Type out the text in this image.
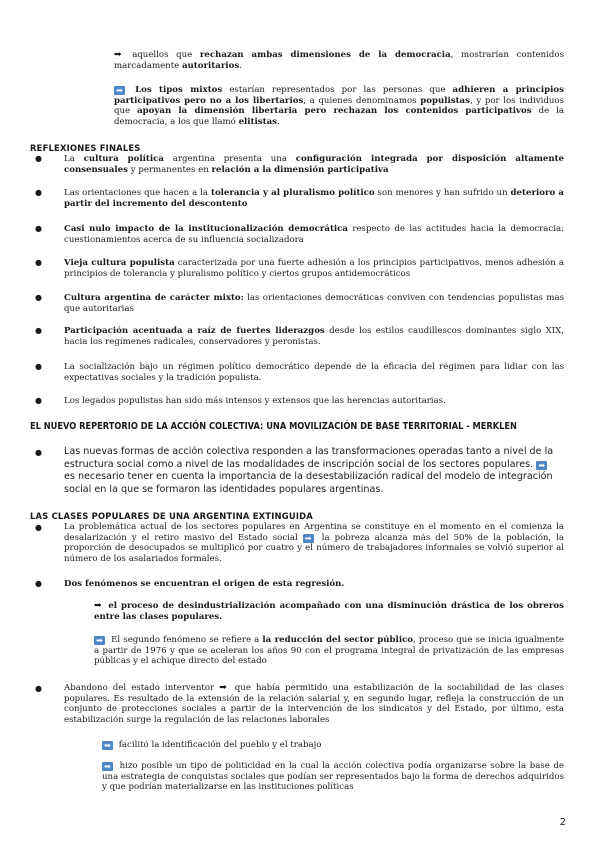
➡ aquellos que rechazan ambas dimensiones de la democracia, mostrarían contenidos marcadamente autoritarios.
➡ Los tipos mixtos estarían representados por las personas que adhieren a principios participativos pero no a los libertarios, a quienes denominamos populistas, y por los individuos que apoyan la dimensión libertaria pero rechazan los contenidos participativos de la democracia, a los que llamó elitistas.
REFLEXIONES FINALES
●	La cultura política argentina presenta una configuración integrada por disposición altamente consensuales y permanentes en relación a la dimensión participativa
●	Las orientaciones que hacen a la tolerancia y al pluralismo político son menores y han sufrido un deterioro a partir del incremento del descontento
●	Casi nulo impacto de la institucionalización democrática respecto de las actitudes hacia la democracia: cuestionamientos acerca de su influencia socializadora
●	Vieja cultura populista caracterizada por una fuerte adhesión a los principios participativos, menos adhesión a principios de tolerancia y pluralismo político y ciertos grupos antidemocráticos
●	Cultura argentina de carácter mixto: las orientaciones democráticas conviven con tendencias populistas mas que autoritarias
●	Participación acentuada a raíz de fuertes liderazgos desde los estilos caudillescos dominantes siglo XIX, hacia los regímenes radicales, conservadores y peronistas.
●	La socialización bajo un régimen político democrático depende de la eficacia del régimen para lidiar con las expectativas sociales y la tradición populista.
●	Los legados populistas han sido más intensos y extensos que las herencias autoritarias.
EL NUEVO REPERTORIO DE LA ACCIÓN COLECTIVA: UNA MOVILIZACIÓN DE BASE TERRITORIAL - MERKLEN
● Las nuevas formas de acción colectiva responden a las transformaciones operadas tanto a nivel de la estructura social como a nivel de las modalidades de inscripción social de los sectores populares. ➡ es necesario tener en cuenta la importancia de la desestabilización radical del modelo de integración social en la que se formaron las identidades populares argentinas.
LAS CLASES POPULARES DE UNA ARGENTINA EXTINGUIDA
●	La problemática actual de los sectores populares en Argentina se constituye en el momento en el comienza la desalarización y el retiro masivo del Estado social ➡ la pobreza alcanza más del 50% de la población, la proporción de desocupados se multiplicó por cuatro y el número de trabajadores informales se volvió superior al número de los asalariados formales.
●	Dos fenómenos se encuentran el origen de esta regresión.
➡ el proceso de desindustrialización acompañado con una disminución drástica de los obreros entre las clases populares.
➡ El segundo fenómeno se refiere a la reducción del sector público, proceso que se inicia igualmente a partir de 1976 y que se aceleran los años 90 con el programa integral de privatización de las empresas públicas y el achique directo del estado
●	Abandono del estado interventor ➡ que había permitido una estabilización de la sociabilidad de las clases populares. Es resultado de la extensión de la relación salarial y, en segundo lugar, refleja la construcción de un conjunto de protecciones sociales a partir de la intervención de los sindicatos y del Estado, por último, esta estabilización surge la regulación de las relaciones laborales
➡ facilitó la identificación del pueblo y el trabajo
➡ hizo posible un tipo de politicidad en la cual la acción colectiva podía organizarse sobre la base de una estrategia de conquistas sociales que podían ser representados bajo la forma de derechos adquiridos y que podrían materializarse en las instituciones políticas
2
